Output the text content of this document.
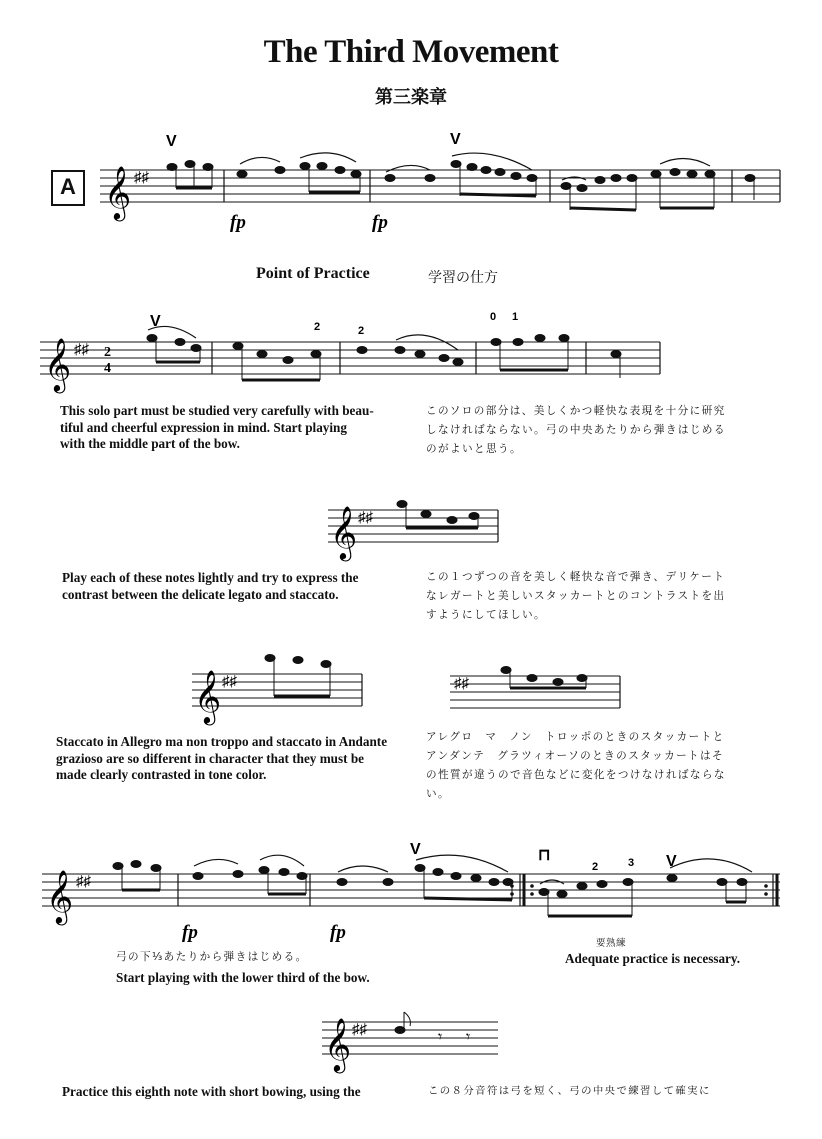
The Third Movement
第三楽章
A 𝄞 ♯♯
V	V
fp	fp
Point of Practice	学習の仕方
𝄞 ♯♯ 2
4
V	2	2
0 1
This solo part must be studied very carefully with beau-
tiful and cheerful expression in mind. Start playing
with the middle part of the bow.
このソロの部分は、美しくかつ軽快な表現を十分に研究
しなければならない。弓の中央あたりから弾きはじめる
のがよいと思う。
𝄞 ♯♯
Play each of these notes lightly and try to express the
contrast between the delicate legato and staccato.
この１つずつの音を美しく軽快な音で弾き、デリケート
なレガートと美しいスタッカートとのコントラストを出
すようにしてほしい。
𝄞 ♯♯	♯♯
Staccato in Allegro ma non troppo and staccato in Andante
grazioso are so different in character that they must be
made clearly contrasted in tone color.
アレグロ　マ　ノン　トロッポのときのスタッカートと
アンダンテ　グラツィオーソのときのスタッカートはそ
の性質が違うので音色などに変化をつけなければならな
い。
𝄞 ♯♯
V
V
⊓
2	3
fp	fp
弓の下⅓あたりから弾きはじめる。
Start playing with the lower third of the bow.
要熟練
Adequate practice is necessary.
𝄞 ♯♯	𝄾 𝄾
Practice this eighth note with short bowing, using the	この８分音符は弓を短く、弓の中央で練習して確実に
